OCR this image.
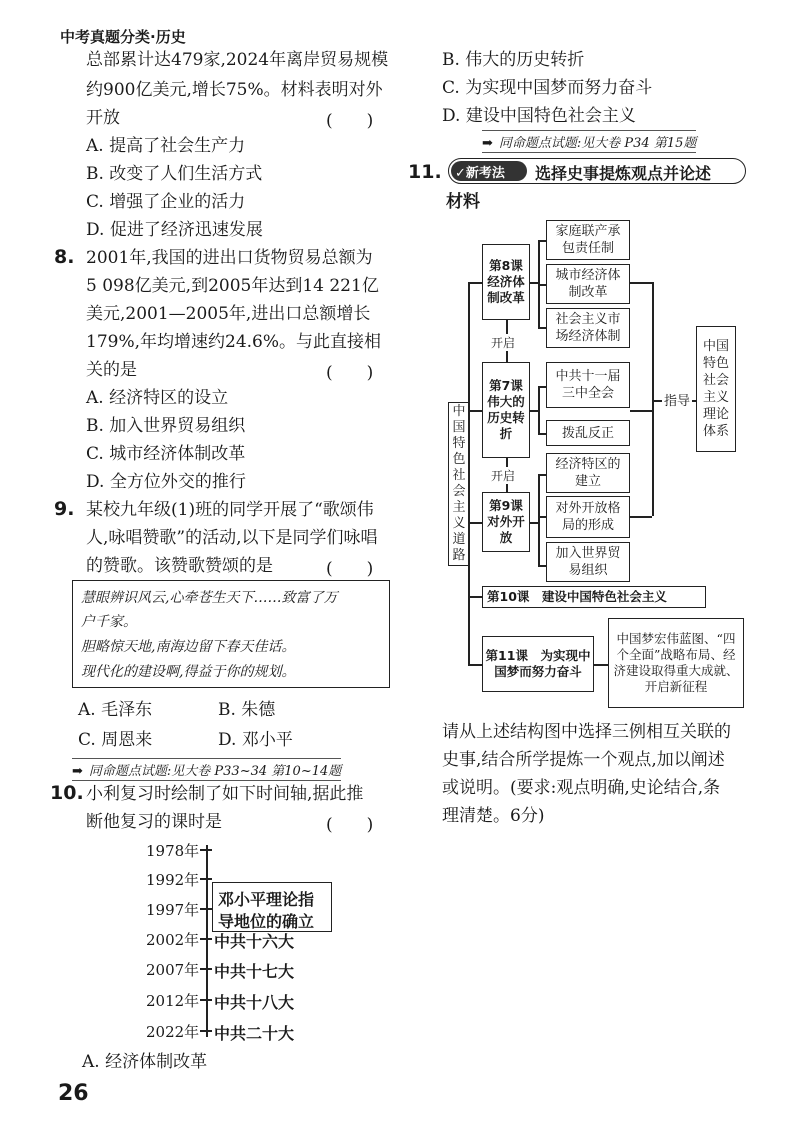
中考真题分类·历史
总部累计达479家,2024年离岸贸易规模
约900亿美元,增长75%。材料表明对外
开放	(　　)
A. 提高了社会生产力
B. 改变了人们生活方式
C. 增强了企业的活力
D. 促进了经济迅速发展
8. 2001年,我国的进出口货物贸易总额为
5 098亿美元,到2005年达到14 221亿
美元,2001—2005年,进出口总额增长
179%,年均增速约24.6%。与此直接相
关的是	(　　)
A. 经济特区的设立
B. 加入世界贸易组织
C. 城市经济体制改革
D. 全方位外交的推行
9. 某校九年级(1)班的同学开展了“歌颂伟
人,咏唱赞歌”的活动,以下是同学们咏唱
的赞歌。该赞歌赞颂的是	(　　)
慧眼辨识风云,心牵苍生天下……致富了万
户千家。
胆略惊天地,南海边留下春天佳话。
现代化的建设啊,得益于你的规划。
A. 毛泽东	B. 朱德
C. 周恩来	D. 邓小平
➡ 同命题点试题:见大卷 P33~34 第10~14题
10. 小利复习时绘制了如下时间轴,据此推
断他复习的课时是	(　　)
1978年
1992年
1997年
邓小平理论指
导地位的确立
2002年 中共十六大
2007年 中共十七大
2012年 中共十八大
2022年 中共二十大
A. 经济体制改革
B. 伟大的历史转折
C. 为实现中国梦而努力奋斗
D. 建设中国特色社会主义
➡ 同命题点试题:见大卷 P34 第15题
11.	✓新考法	选择史事提炼观点并论述
材料
中国特色社会主义道路
第8课经济体制改革
家庭联产承包责任制
城市经济体制改革
社会主义市场经济体制
开启
第7课伟大的历史转折
中共十一届三中全会
拨乱反正
开启
第9课对外开放
经济特区的建立
对外开放格局的形成
加入世界贸易组织
指导
中国特色社会主义理论体系
第10课　建设中国特色社会主义
第11课　为实现中国梦而努力奋斗
中国梦宏伟蓝图、“四个全面”战略布局、经济建设取得重大成就、开启新征程
请从上述结构图中选择三例相互关联的
史事,结合所学提炼一个观点,加以阐述
或说明。(要求:观点明确,史论结合,条
理清楚。6分)
26
